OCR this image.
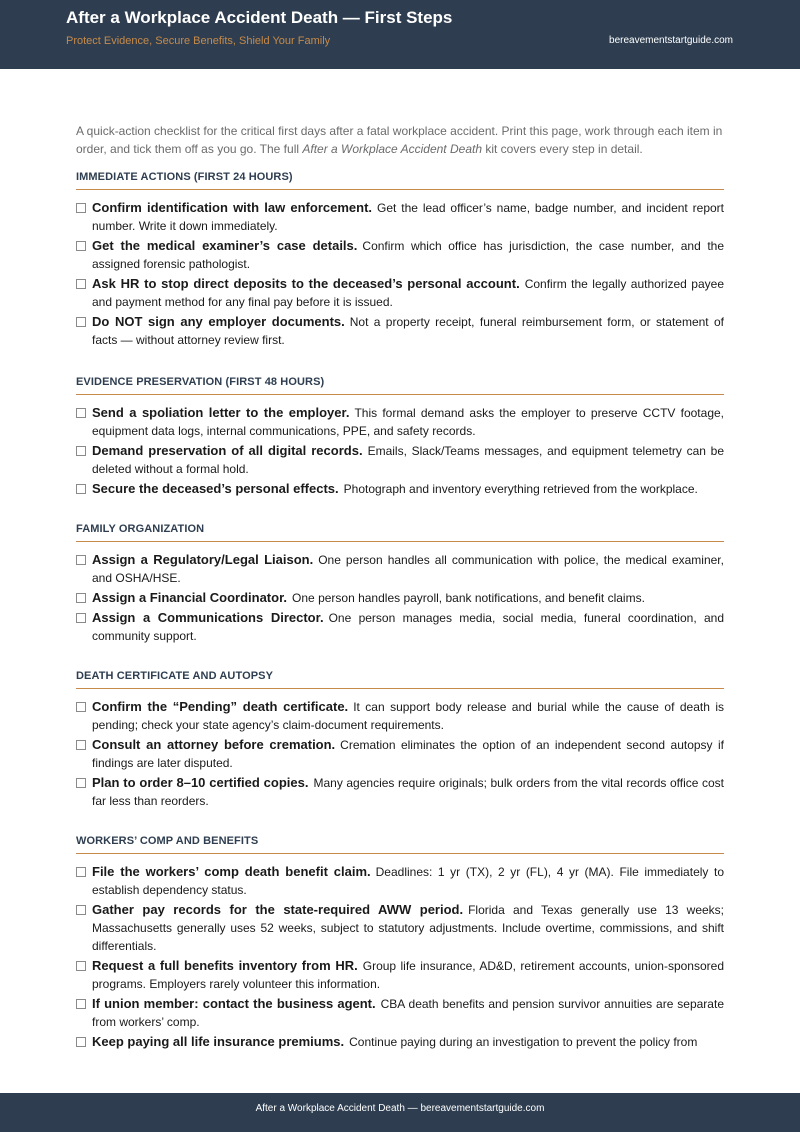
After a Workplace Accident Death — First Steps
Protect Evidence, Secure Benefits, Shield Your Family	bereavementstartguide.com

A quick-action checklist for the critical first days after a fatal workplace accident. Print this page, work through each item in order, and tick them off as you go. The full After a Workplace Accident Death kit covers every step in detail.

IMMEDIATE ACTIONS (FIRST 24 HOURS)
Confirm identification with law enforcement. Get the lead officer’s name, badge number, and incident report number. Write it down immediately.
Get the medical examiner’s case details. Confirm which office has jurisdiction, the case number, and the assigned forensic pathologist.
Ask HR to stop direct deposits to the deceased’s personal account. Confirm the legally authorized payee and payment method for any final pay before it is issued.
Do NOT sign any employer documents. Not a property receipt, funeral reimbursement form, or statement of facts — without attorney review first.
EVIDENCE PRESERVATION (FIRST 48 HOURS)
Send a spoliation letter to the employer. This formal demand asks the employer to preserve CCTV footage, equipment data logs, internal communications, PPE, and safety records.
Demand preservation of all digital records. Emails, Slack/Teams messages, and equipment telemetry can be deleted without a formal hold.
Secure the deceased’s personal effects. Photograph and inventory everything retrieved from the workplace.
FAMILY ORGANIZATION
Assign a Regulatory/Legal Liaison. One person handles all communication with police, the medical examiner, and OSHA/HSE.
Assign a Financial Coordinator. One person handles payroll, bank notifications, and benefit claims.
Assign a Communications Director. One person manages media, social media, funeral coordination, and community support.
DEATH CERTIFICATE AND AUTOPSY
Confirm the “Pending” death certificate. It can support body release and burial while the cause of death is pending; check your state agency’s claim-document requirements.
Consult an attorney before cremation. Cremation eliminates the option of an independent second autopsy if findings are later disputed.
Plan to order 8–10 certified copies. Many agencies require originals; bulk orders from the vital records office cost far less than reorders.
WORKERS’ COMP AND BENEFITS
File the workers’ comp death benefit claim. Deadlines: 1 yr (TX), 2 yr (FL), 4 yr (MA). File immediately to establish dependency status.
Gather pay records for the state-required AWW period. Florida and Texas generally use 13 weeks; Massachusetts generally uses 52 weeks, subject to statutory adjustments. Include overtime, commissions, and shift differentials.
Request a full benefits inventory from HR. Group life insurance, AD&D, retirement accounts, union-sponsored programs. Employers rarely volunteer this information.
If union member: contact the business agent. CBA death benefits and pension survivor annuities are separate from workers’ comp.
Keep paying all life insurance premiums. Continue paying during an investigation to prevent the policy from
After a Workplace Accident Death — bereavementstartguide.com
